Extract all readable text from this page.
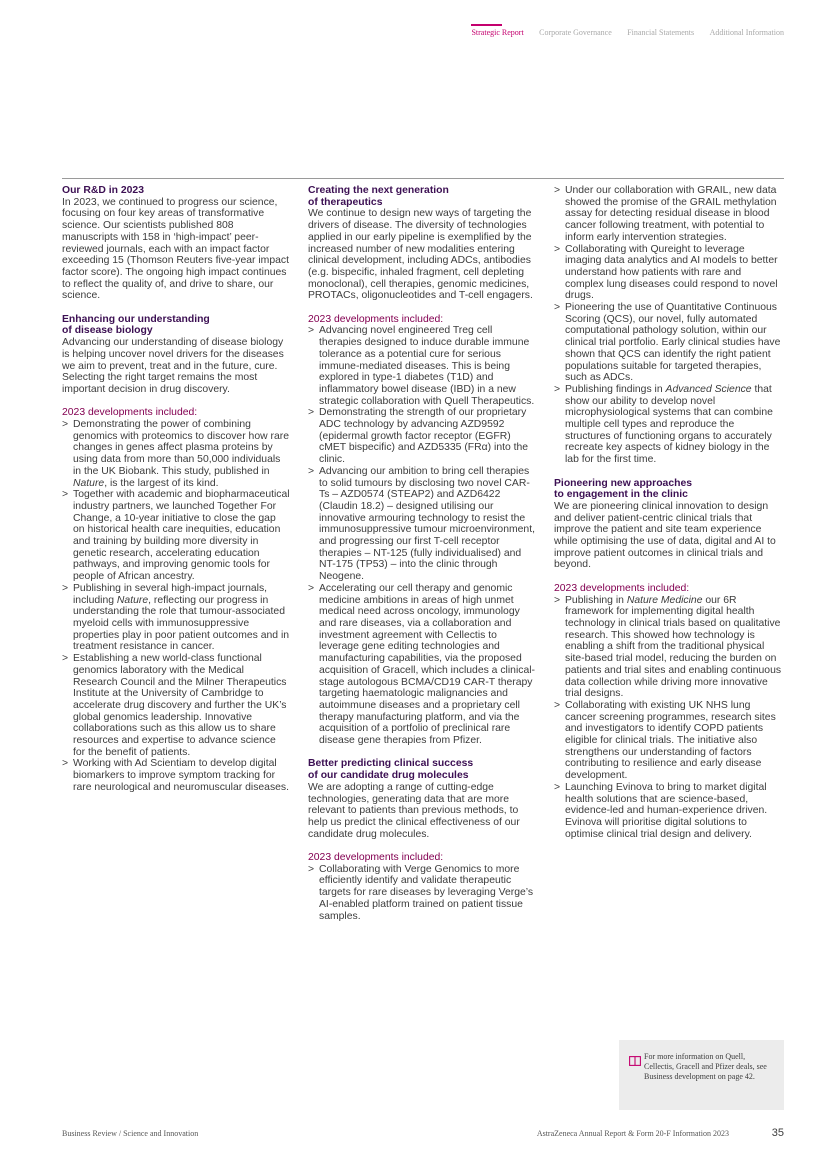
Strategic Report Corporate Governance Financial Statements Additional Information
Our R&D in 2023

In 2023, we continued to progress our science, focusing on four key areas of transformative science. Our scientists published 808 manuscripts with 158 in ‘high-impact’ peer-reviewed journals, each with an impact factor exceeding 15 (Thomson Reuters five-year impact factor score). The ongoing high impact continues to reflect the quality of, and drive to share, our science.

Enhancing our understanding
of disease biology

Advancing our understanding of disease biology is helping uncover novel drivers for the diseases we aim to prevent, treat and in the future, cure. Selecting the right target remains the most important decision in drug discovery.

2023 developments included:

> Demonstrating the power of combining genomics with proteomics to discover how rare changes in genes affect plasma proteins by using data from more than 50,000 individuals in the UK Biobank. This study, published in Nature, is the largest of its kind.
> Together with academic and biopharmaceutical industry partners, we launched Together For Change, a 10-year initiative to close the gap on historical health care inequities, education and training by building more diversity in genetic research, accelerating education pathways, and improving genomic tools for people of African ancestry.
> Publishing in several high-impact journals, including Nature, reflecting our progress in understanding the role that tumour-associated myeloid cells with immunosuppressive properties play in poor patient outcomes and in treatment resistance in cancer.
> Establishing a new world-class functional genomics laboratory with the Medical Research Council and the Milner Therapeutics Institute at the University of Cambridge to accelerate drug discovery and further the UK’s global genomics leadership. Innovative collaborations such as this allow us to share resources and expertise to advance science for the benefit of patients.
> Working with Ad Scientiam to develop digital biomarkers to improve symptom tracking for rare neurological and neuromuscular diseases.
Creating the next generation
of therapeutics

We continue to design new ways of targeting the drivers of disease. The diversity of technologies applied in our early pipeline is exemplified by the increased number of new modalities entering clinical development, including ADCs, antibodies (e.g. bispecific, inhaled fragment, cell depleting monoclonal), cell therapies, genomic medicines, PROTACs, oligonucleotides and T-cell engagers.

2023 developments included:

> Advancing novel engineered Treg cell therapies designed to induce durable immune tolerance as a potential cure for serious immune-mediated diseases. This is being explored in type-1 diabetes (T1D) and inflammatory bowel disease (IBD) in a new strategic collaboration with Quell Therapeutics.
> Demonstrating the strength of our proprietary ADC technology by advancing AZD9592 (epidermal growth factor receptor (EGFR) cMET bispecific) and AZD5335 (FRα) into the clinic.
> Advancing our ambition to bring cell therapies to solid tumours by disclosing two novel CAR-Ts – AZD0574 (STEAP2) and AZD6422 (Claudin 18.2) – designed utilising our innovative armouring technology to resist the immunosuppressive tumour microenvironment, and progressing our first T-cell receptor therapies – NT-125 (fully individualised) and NT-175 (TP53) – into the clinic through Neogene.
> Accelerating our cell therapy and genomic medicine ambitions in areas of high unmet medical need across oncology, immunology and rare diseases, via a collaboration and investment agreement with Cellectis to leverage gene editing technologies and manufacturing capabilities, via the proposed acquisition of Gracell, which includes a clinical-stage autologous BCMA/CD19 CAR-T therapy targeting haematologic malignancies and autoimmune diseases and a proprietary cell therapy manufacturing platform, and via the acquisition of a portfolio of preclinical rare disease gene therapies from Pfizer.
Better predicting clinical success
of our candidate drug molecules

We are adopting a range of cutting-edge technologies, generating data that are more relevant to patients than previous methods, to help us predict the clinical effectiveness of our candidate drug molecules.

2023 developments included:

> Collaborating with Verge Genomics to more efficiently identify and validate therapeutic targets for rare diseases by leveraging Verge’s AI-enabled platform trained on patient tissue samples.
> Under our collaboration with GRAIL, new data showed the promise of the GRAIL methylation assay for detecting residual disease in blood cancer following treatment, with potential to inform early intervention strategies.
> Collaborating with Qureight to leverage imaging data analytics and AI models to better understand how patients with rare and complex lung diseases could respond to novel drugs.
> Pioneering the use of Quantitative Continuous Scoring (QCS), our novel, fully automated computational pathology solution, within our clinical trial portfolio. Early clinical studies have shown that QCS can identify the right patient populations suitable for targeted therapies, such as ADCs.
> Publishing findings in Advanced Science that show our ability to develop novel microphysiological systems that can combine multiple cell types and reproduce the structures of functioning organs to accurately recreate key aspects of kidney biology in the lab for the first time.
Pioneering new approaches
to engagement in the clinic

We are pioneering clinical innovation to design and deliver patient-centric clinical trials that improve the patient and site team experience while optimising the use of data, digital and AI to improve patient outcomes in clinical trials and beyond.

2023 developments included:

> Publishing in Nature Medicine our 6R framework for implementing digital health technology in clinical trials based on qualitative research. This showed how technology is enabling a shift from the traditional physical site-based trial model, reducing the burden on patients and trial sites and enabling continuous data collection while driving more innovative trial designs.
> Collaborating with existing UK NHS lung cancer screening programmes, research sites and investigators to identify COPD patients eligible for clinical trials. The initiative also strengthens our understanding of factors contributing to resilience and early disease development.
> Launching Evinova to bring to market digital health solutions that are science-based, evidence-led and human-experience driven. Evinova will prioritise digital solutions to optimise clinical trial design and delivery.

For more information on Quell, Cellectis, Gracell and Pfizer deals, see Business development on page 42.

Business Review / Science and Innovation	AstraZeneca Annual Report & Form 20-F Information 2023	35
